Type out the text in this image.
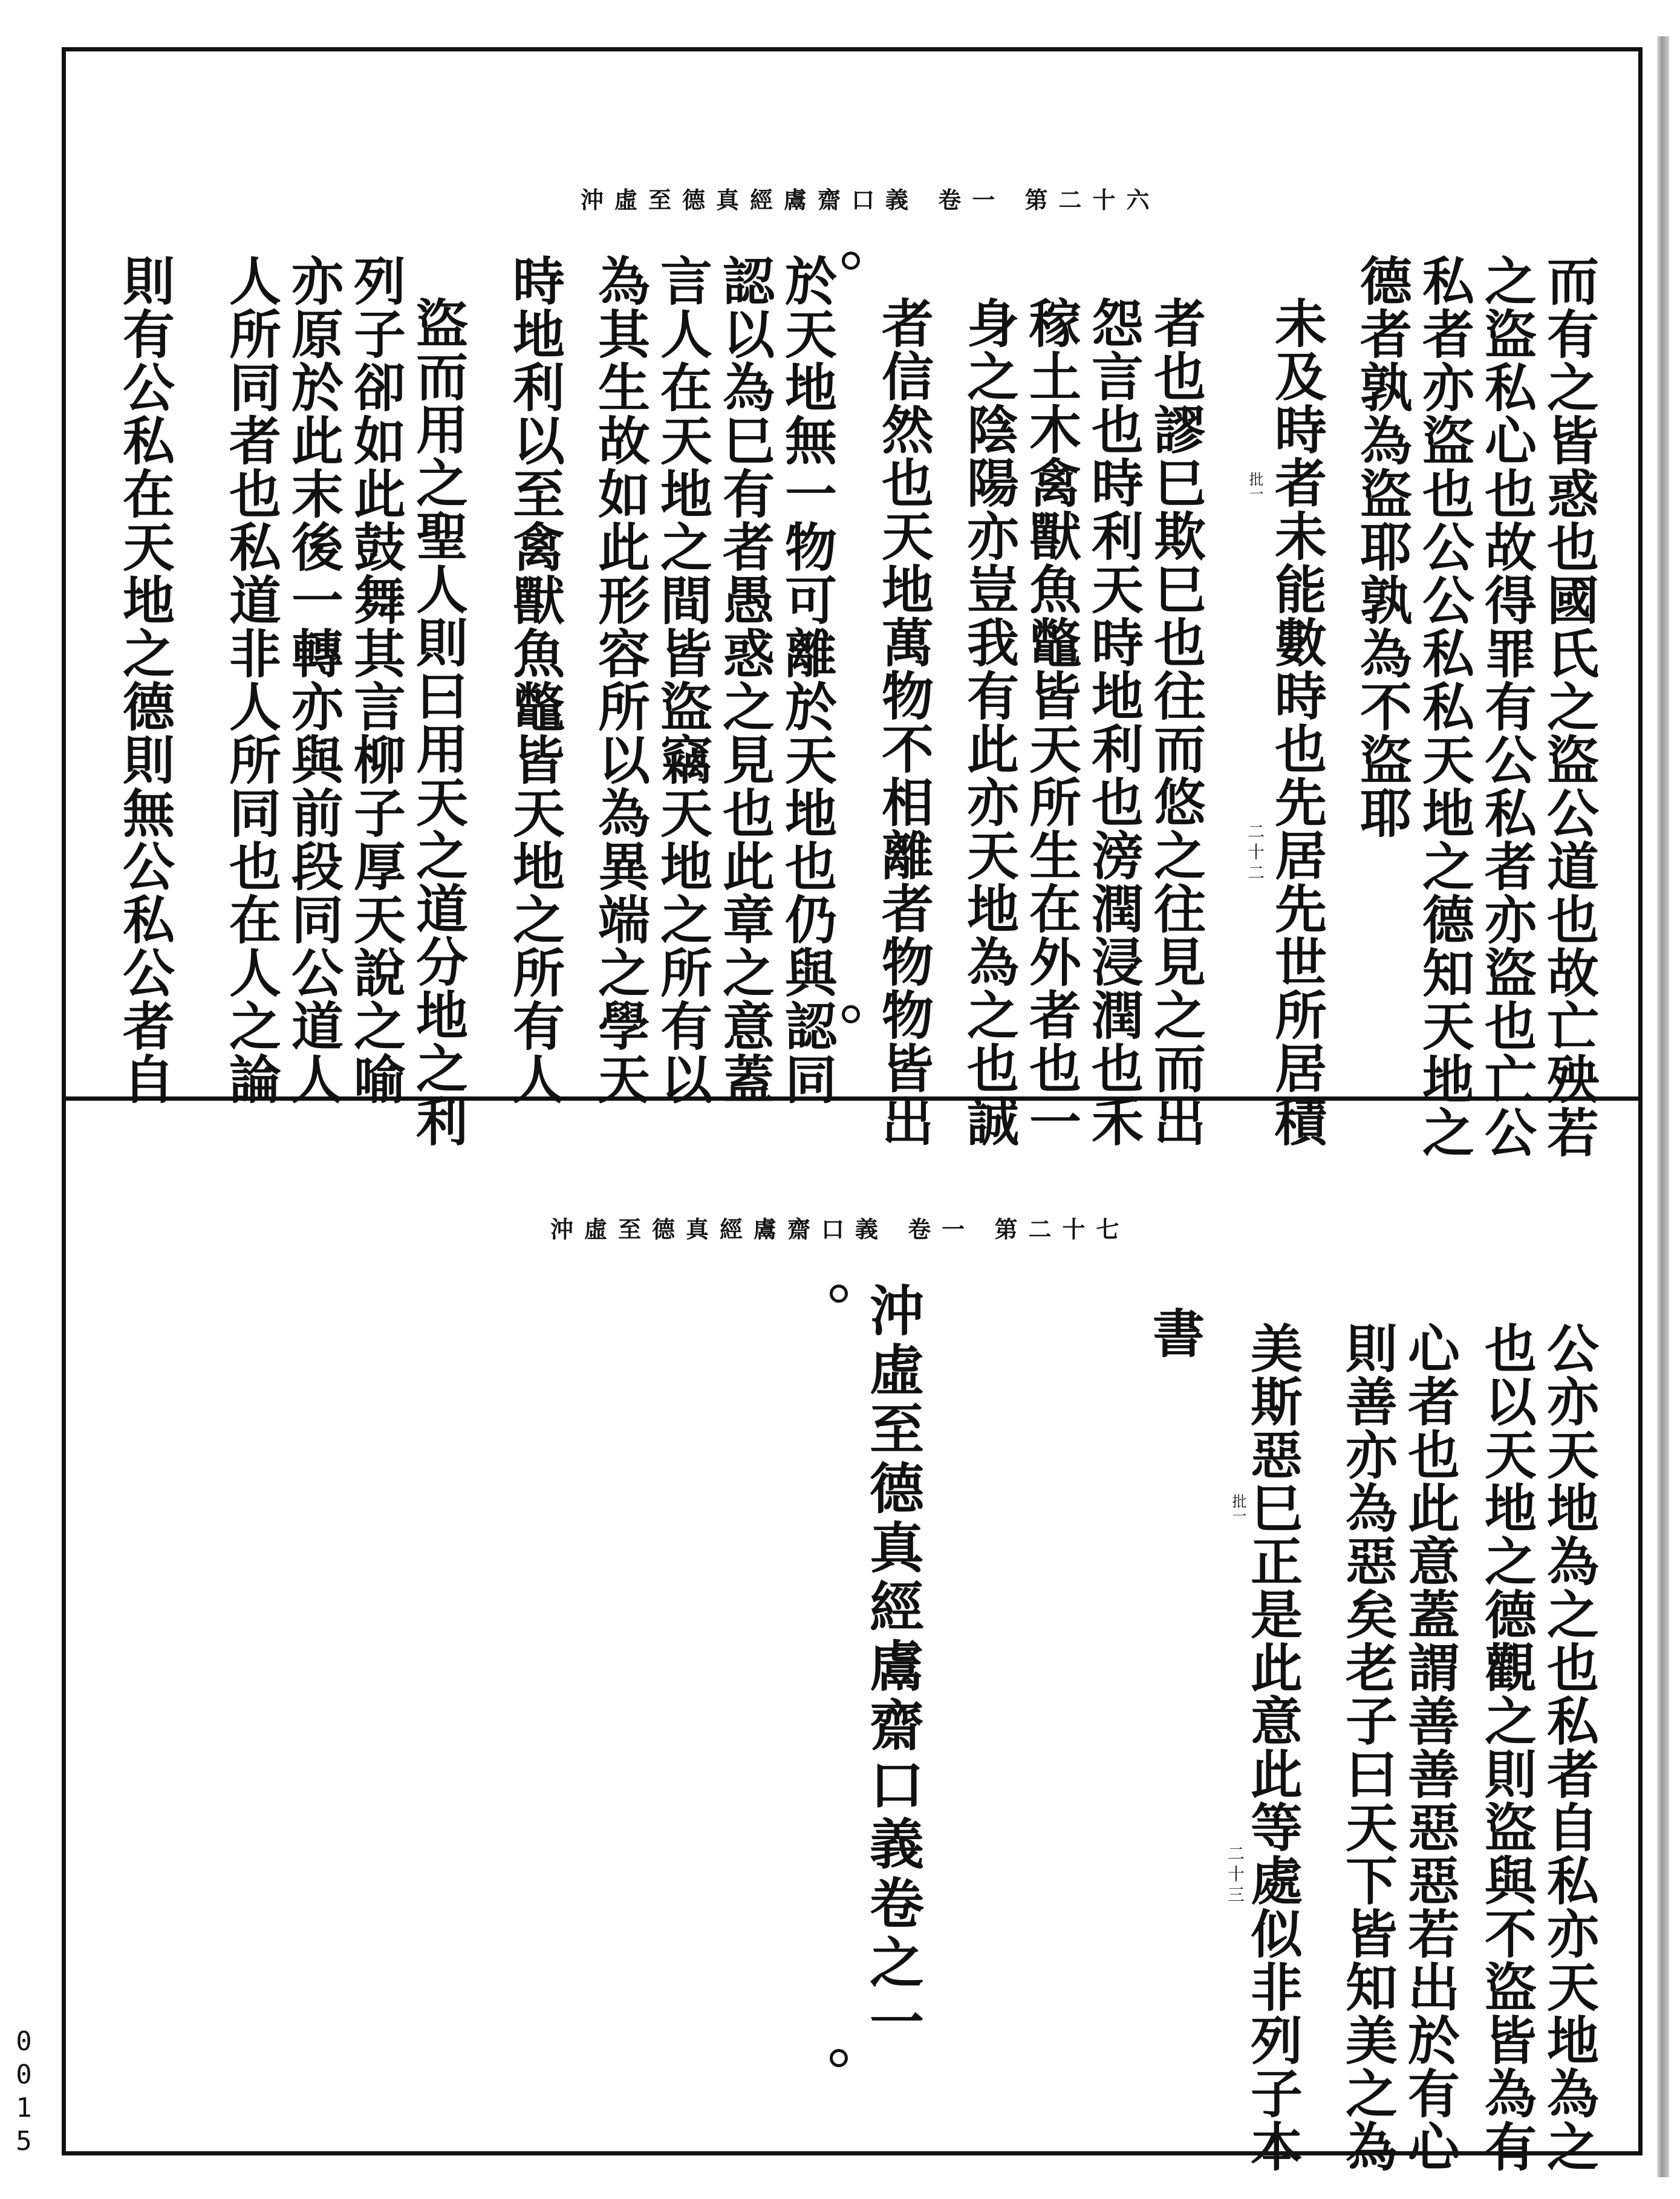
沖虛至德真經鬳齋口義 卷一 第二十六
批一
二十二	而有之皆惑也國氏之盜公道也故亡殃若
之盜私心也故得罪有公私者亦盜也亡公
私者亦盜也公公私私天地之德知天地之
德者孰為盜耶孰為不盜耶
未及時者未能數時也先居先世所居積
者也謬巳欺巳也往而悠之往見之而出
怨言也時利天時地利也滂潤浸潤也禾
稼土木禽獸魚鼈皆天所生在外者也一
身之陰陽亦豈我有此亦天地為之也誠
者信然也天地萬物不相離者物物皆出
於天地無一物可離於天地也仍與認同
認以為巳有者愚惑之見也此章之意蓋
言人在天地之間皆盜竊天地之所有以
為其生故如此形容所以為異端之學天
時地利以至禽獸魚鼈皆天地之所有人
盜而用之聖人則曰用天之道分地之利
列子卻如此鼓舞其言柳子厚天說之喻
亦原於此末後一轉亦與前段同公道人
人所同者也私道非人所同也在人之論
則有公私在天地之德則無公私公者自
沖虛至德真經鬳齋口義 卷一 第二十七
批一
二十三	公亦天地為之也私者自私亦天地為之
也以天地之德觀之則盜與不盜皆為有
心者也此意蓋謂善善惡惡若出於有心
則善亦為惡矣老子曰天下皆知美之為
美斯惡巳正是此意此等處似非列子本
書
沖虛至德真經鬳齋口義卷之一
0015
